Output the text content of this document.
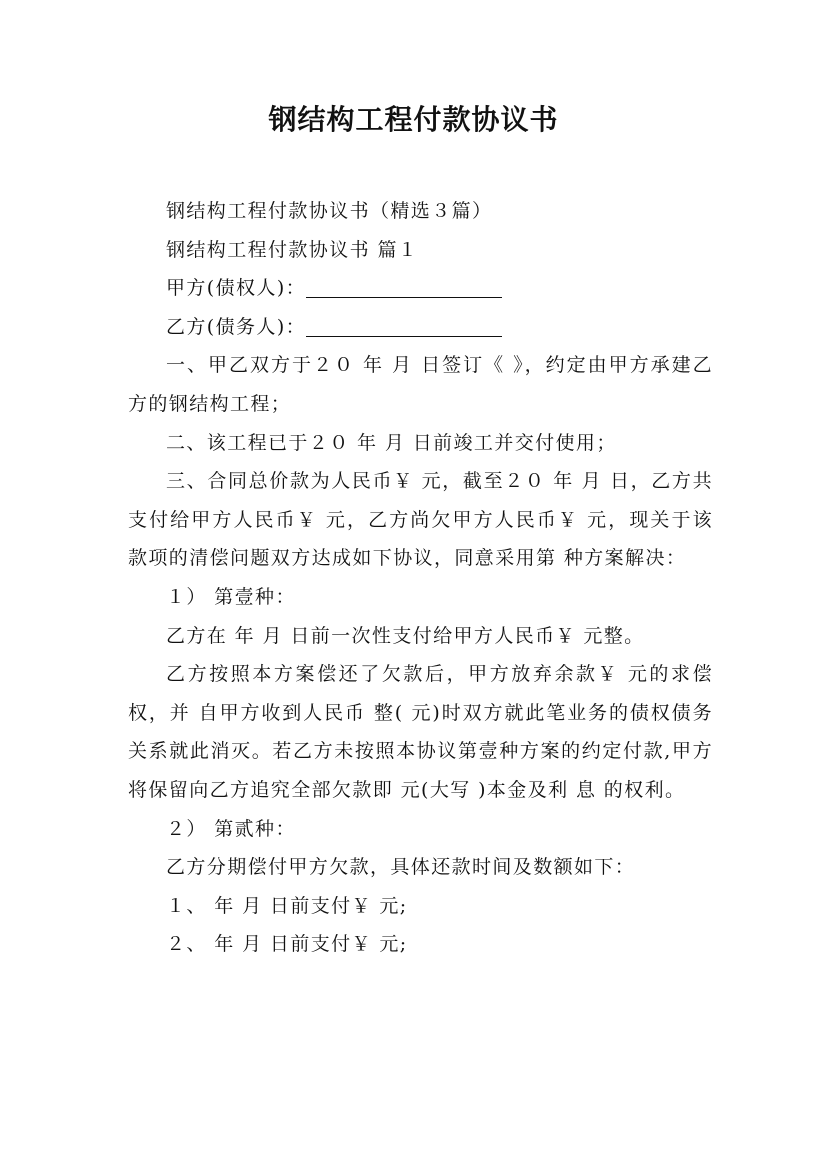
钢结构工程付款协议书

钢结构工程付款协议书（精选３篇）

钢结构工程付款协议书 篇１

甲方(债权人)：

乙方(债务人)：

一、甲乙双方于２０ 年 月 日签订《 》，约定由甲方承建乙方的钢结构工程；

二、该工程已于２０ 年 月 日前竣工并交付使用；

三、合同总价款为人民币￥ 元，截至２０ 年 月 日，乙方共支付给甲方人民币￥ 元，乙方尚欠甲方人民币￥ 元，现关于该款项的清偿问题双方达成如下协议，同意采用第 种方案解决：

１） 第壹种：

乙方在 年 月 日前一次性支付给甲方人民币￥ 元整。

乙方按照本方案偿还了欠款后，甲方放弃余款￥ 元的求偿权，并 自甲方收到人民币 整( 元)时双方就此笔业务的债权债务关系就此消灭。若乙方未按照本协议第壹种方案的约定付款,甲方 将保留向乙方追究全部欠款即 元(大写 )本金及利 息 的权利。

２） 第贰种：

乙方分期偿付甲方欠款，具体还款时间及数额如下：

１、 年 月 日前支付￥ 元;

２、 年 月 日前支付￥ 元;
